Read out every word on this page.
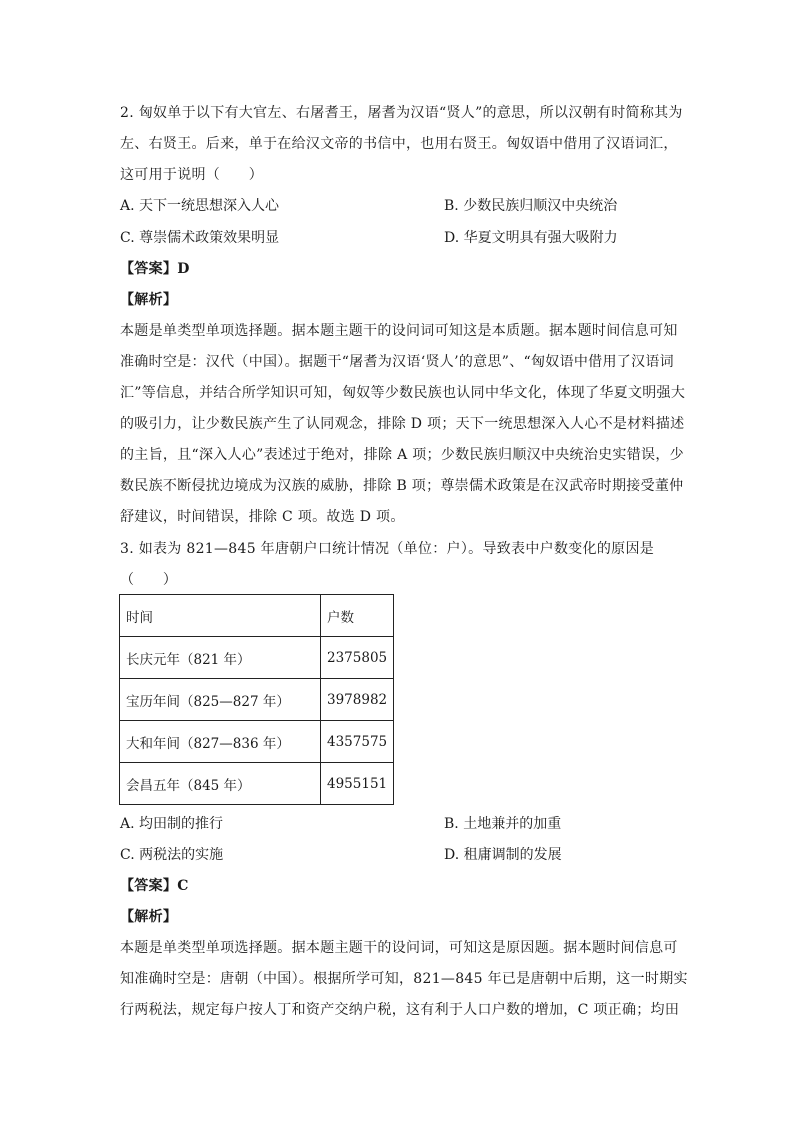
2. 匈奴单于以下有大官左、右屠耆王，屠耆为汉语“贤人”的意思，所以汉朝有时简称其为
左、右贤王。后来，单于在给汉文帝的书信中，也用右贤王。匈奴语中借用了汉语词汇，
这可用于说明（　　）
A. 天下一统思想深入人心	B. 少数民族归顺汉中央统治
C. 尊崇儒术政策效果明显	D. 华夏文明具有强大吸附力
【答案】D
【解析】
本题是单类型单项选择题。据本题主题干的设问词可知这是本质题。据本题时间信息可知
准确时空是：汉代（中国）。据题干“屠耆为汉语‘贤人’的意思”、“匈奴语中借用了汉语词
汇”等信息，并结合所学知识可知，匈奴等少数民族也认同中华文化，体现了华夏文明强大
的吸引力，让少数民族产生了认同观念，排除 D 项；天下一统思想深入人心不是材料描述
的主旨，且“深入人心”表述过于绝对，排除 A 项；少数民族归顺汉中央统治史实错误，少
数民族不断侵扰边境成为汉族的威胁，排除 B 项；尊崇儒术政策是在汉武帝时期接受董仲
舒建议，时间错误，排除 C 项。故选 D 项。
3. 如表为 821—845 年唐朝户口统计情况（单位：户）。导致表中户数变化的原因是
（　　）
时间	户数
长庆元年（821 年）	2375805
宝历年间（825—827 年）	3978982
大和年间（827—836 年）	4357575
会昌五年（845 年）	4955151
A. 均田制的推行	B. 土地兼并的加重
C. 两税法的实施	D. 租庸调制的发展
【答案】C
【解析】
本题是单类型单项选择题。据本题主题干的设问词，可知这是原因题。据本题时间信息可
知准确时空是：唐朝（中国）。根据所学可知，821—845 年已是唐朝中后期，这一时期实
行两税法，规定每户按人丁和资产交纳户税，这有利于人口户数的增加，C 项正确；均田
